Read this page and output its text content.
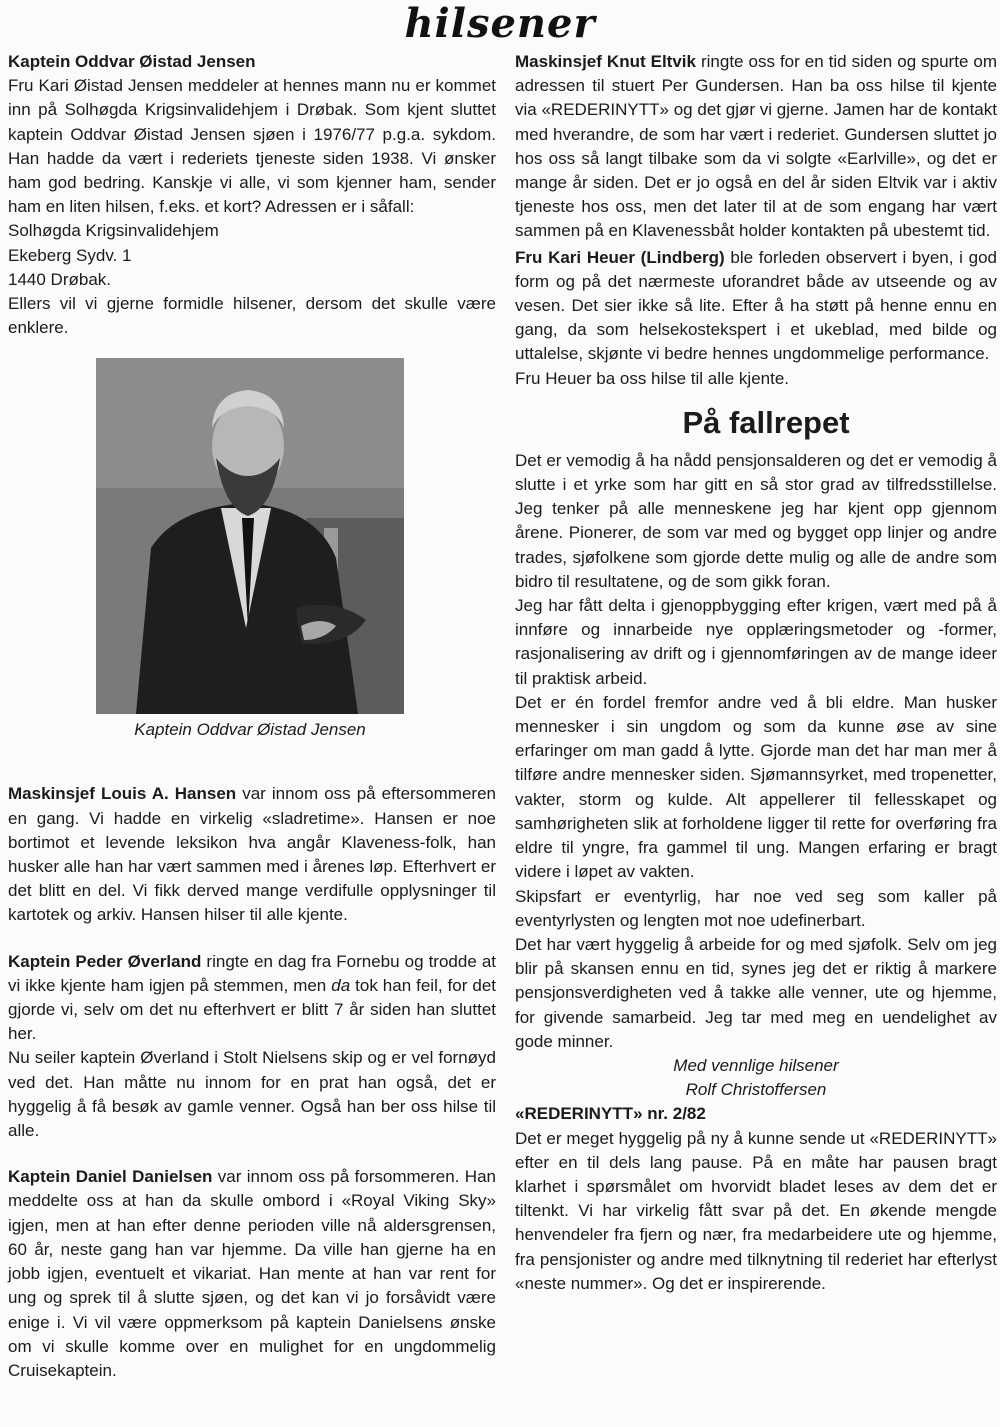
hilsener

Kaptein Oddvar Øistad Jensen

Fru Kari Øistad Jensen meddeler at hennes mann nu er kommet inn på Solhøgda Krigsinvalidehjem i Drøbak. Som kjent sluttet kaptein Oddvar Øistad Jensen sjøen i 1976/77 p.g.a. sykdom. Han hadde da vært i rederiets tjeneste siden 1938. Vi ønsker ham god bedring. Kanskje vi alle, vi som kjenner ham, sender ham en liten hilsen, f.eks. et kort? Adressen er i såfall:

Solhøgda Krigsinvalidehjem

Ekeberg Sydv. 1

1440 Drøbak.

Ellers vil vi gjerne formidle hilsener, dersom det skulle være enklere.

Kaptein Oddvar Øistad Jensen

Maskinsjef Louis A. Hansen var innom oss på eftersommeren en gang. Vi hadde en virkelig «sladretime». Hansen er noe bortimot et levende leksikon hva angår Klaveness-folk, han husker alle han har vært sammen med i årenes løp. Efterhvert er det blitt en del. Vi fikk derved mange verdifulle opplysninger til kartotek og arkiv. Hansen hilser til alle kjente.

Kaptein Peder Øverland ringte en dag fra Fornebu og trodde at vi ikke kjente ham igjen på stemmen, men da tok han feil, for det gjorde vi, selv om det nu efterhvert er blitt 7 år siden han sluttet her.

Nu seiler kaptein Øverland i Stolt Nielsens skip og er vel fornøyd ved det. Han måtte nu innom for en prat han også, det er hyggelig å få besøk av gamle venner. Også han ber oss hilse til alle.

Kaptein Daniel Danielsen var innom oss på forsommeren. Han meddelte oss at han da skulle ombord i «Royal Viking Sky» igjen, men at han efter denne perioden ville nå aldersgrensen, 60 år, neste gang han var hjemme. Da ville han gjerne ha en jobb igjen, eventuelt et vikariat. Han mente at han var rent for ung og sprek til å slutte sjøen, og det kan vi jo forsåvidt være enige i. Vi vil være oppmerksom på kaptein Danielsens ønske om vi skulle komme over en mulighet for en ungdommelig Cruisekaptein.

Maskinsjef Knut Eltvik ringte oss for en tid siden og spurte om adressen til stuert Per Gundersen. Han ba oss hilse til kjente via «REDERINYTT» og det gjør vi gjerne. Jamen har de kontakt med hverandre, de som har vært i rederiet. Gundersen sluttet jo hos oss så langt tilbake som da vi solgte «Earlville», og det er mange år siden. Det er jo også en del år siden Eltvik var i aktiv tjeneste hos oss, men det later til at de som engang har vært sammen på en Klavenessbåt holder kontakten på ubestemt tid.

Fru Kari Heuer (Lindberg) ble forleden observert i byen, i god form og på det nærmeste uforandret både av utseende og av vesen. Det sier ikke så lite. Efter å ha støtt på henne ennu en gang, da som helsekostekspert i et ukeblad, med bilde og uttalelse, skjønte vi bedre hennes ungdommelige performance.

Fru Heuer ba oss hilse til alle kjente.

På fallrepet

Det er vemodig å ha nådd pensjonsalderen og det er vemodig å slutte i et yrke som har gitt en så stor grad av tilfredsstillelse. Jeg tenker på alle menneskene jeg har kjent opp gjennom årene. Pionerer, de som var med og bygget opp linjer og andre trades, sjøfolkene som gjorde dette mulig og alle de andre som bidro til resultatene, og de som gikk foran.

Jeg har fått delta i gjenoppbygging efter krigen, vært med på å innføre og innarbeide nye opplæringsmetoder og -former, rasjonalisering av drift og i gjennomføringen av de mange ideer til praktisk arbeid.

Det er én fordel fremfor andre ved å bli eldre. Man husker mennesker i sin ungdom og som da kunne øse av sine erfaringer om man gadd å lytte. Gjorde man det har man mer å tilføre andre mennesker siden. Sjømannsyrket, med tropenetter, vakter, storm og kulde. Alt appellerer til fellesskapet og samhørigheten slik at forholdene ligger til rette for overføring fra eldre til yngre, fra gammel til ung. Mangen erfaring er bragt videre i løpet av vakten.

Skipsfart er eventyrlig, har noe ved seg som kaller på eventyrlysten og lengten mot noe udefinerbart.

Det har vært hyggelig å arbeide for og med sjøfolk. Selv om jeg blir på skansen ennu en tid, synes jeg det er riktig å markere pensjonsverdigheten ved å takke alle venner, ute og hjemme, for givende samarbeid. Jeg tar med meg en uendelighet av gode minner.

Med vennlige hilsener

Rolf Christoffersen

«REDERINYTT» nr. 2/82

Det er meget hyggelig på ny å kunne sende ut «REDERINYTT» efter en til dels lang pause. På en måte har pausen bragt klarhet i spørsmålet om hvorvidt bladet leses av dem det er tiltenkt. Vi har virkelig fått svar på det. En økende mengde henvendeler fra fjern og nær, fra medarbeidere ute og hjemme, fra pensjonister og andre med tilknytning til rederiet har efterlyst «neste nummer». Og det er inspirerende.
